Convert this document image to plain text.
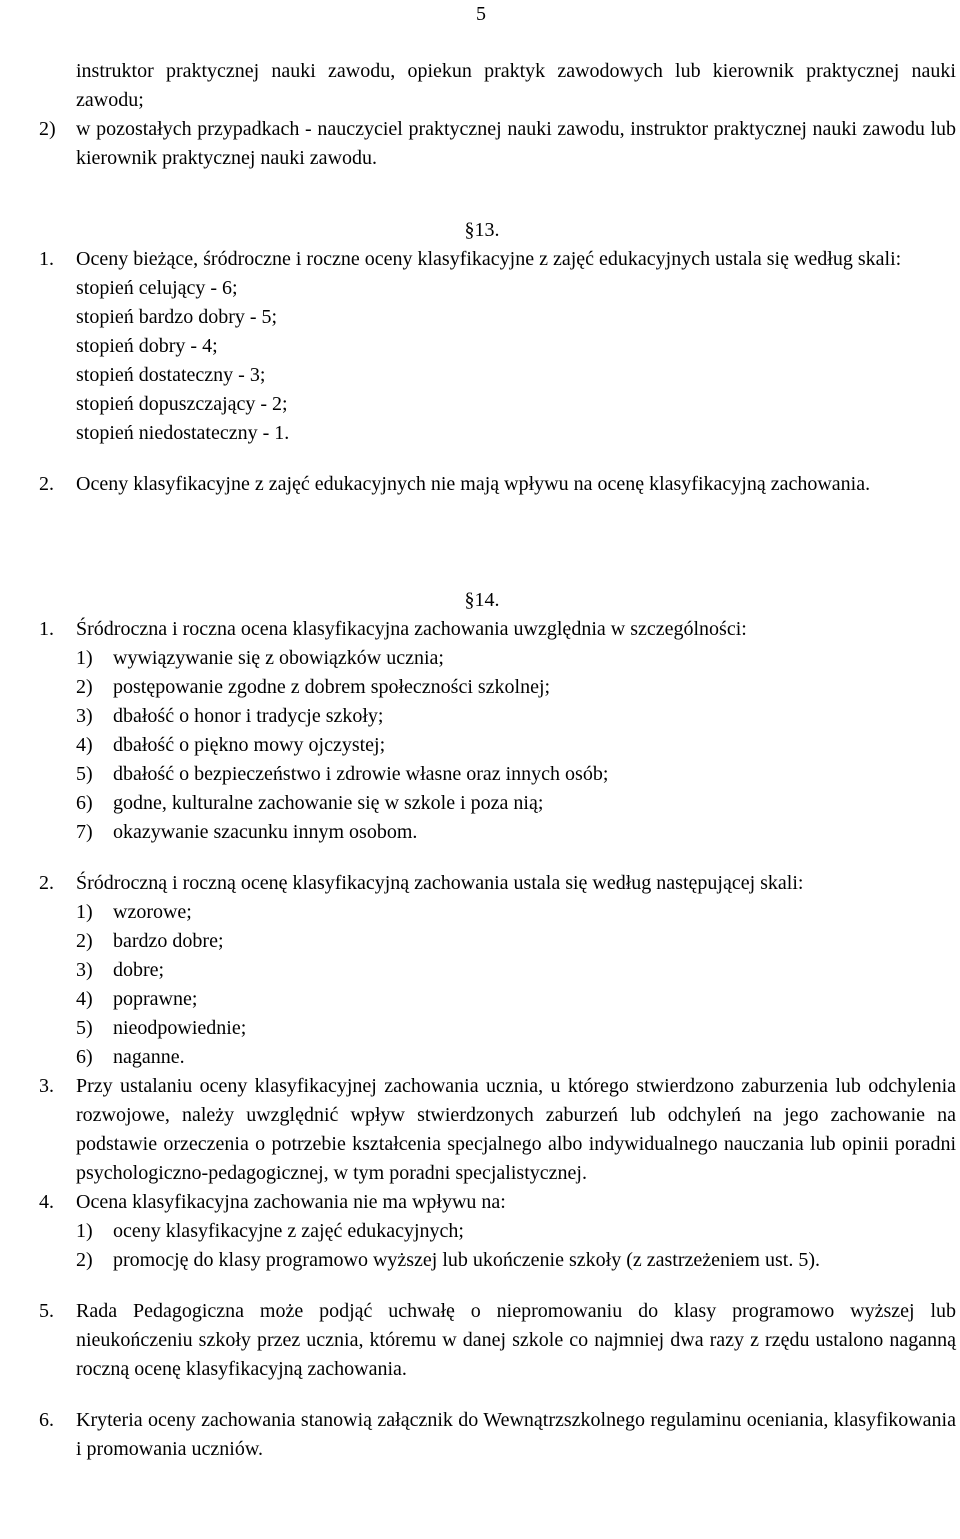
5
instruktor praktycznej nauki zawodu, opiekun praktyk zawodowych lub kierownik praktycznej nauki zawodu;
2)	w pozostałych przypadkach - nauczyciel praktycznej nauki zawodu, instruktor praktycznej nauki zawodu lub kierownik praktycznej nauki zawodu.
§13.
1.	Oceny bieżące, śródroczne i roczne oceny klasyfikacyjne z zajęć edukacyjnych ustala się według skali:
stopień celujący - 6;
stopień bardzo dobry - 5;
stopień dobry - 4;
stopień dostateczny - 3;
stopień dopuszczający - 2;
stopień niedostateczny - 1.
2.	Oceny klasyfikacyjne z zajęć edukacyjnych nie mają wpływu na ocenę klasyfikacyjną zachowania.
§14.
1.	Śródroczna i roczna ocena klasyfikacyjna zachowania uwzględnia w szczególności:
1)	wywiązywanie się z obowiązków ucznia;
2)	postępowanie zgodne z dobrem społeczności szkolnej;
3)	dbałość o honor i tradycje szkoły;
4)	dbałość o piękno mowy ojczystej;
5)	dbałość o bezpieczeństwo i zdrowie własne oraz innych osób;
6)	godne, kulturalne zachowanie się w szkole i poza nią;
7)	okazywanie szacunku innym osobom.
2.	Śródroczną i roczną ocenę klasyfikacyjną zachowania ustala się według następującej skali:
1)	wzorowe;
2)	bardzo dobre;
3)	dobre;
4)	poprawne;
5)	nieodpowiednie;
6)	naganne.
3.	Przy ustalaniu oceny klasyfikacyjnej zachowania ucznia, u którego stwierdzono zaburzenia lub odchylenia rozwojowe, należy uwzględnić wpływ stwierdzonych zaburzeń lub odchyleń na jego zachowanie na podstawie orzeczenia o potrzebie kształcenia specjalnego albo indywidualnego nauczania lub opinii poradni psychologiczno-pedagogicznej, w tym poradni specjalistycznej.
4.	Ocena klasyfikacyjna zachowania nie ma wpływu na:
1)	oceny klasyfikacyjne z zajęć edukacyjnych;
2)	promocję do klasy programowo wyższej lub ukończenie szkoły (z zastrzeżeniem ust. 5).
5.	Rada Pedagogiczna może podjąć uchwałę o niepromowaniu do klasy programowo wyższej lub nieukończeniu szkoły przez ucznia, któremu w danej szkole co najmniej dwa razy z rzędu ustalono naganną roczną ocenę klasyfikacyjną zachowania.
6.	Kryteria oceny zachowania stanowią załącznik do Wewnątrzszkolnego regulaminu oceniania, klasyfikowania i promowania uczniów.
